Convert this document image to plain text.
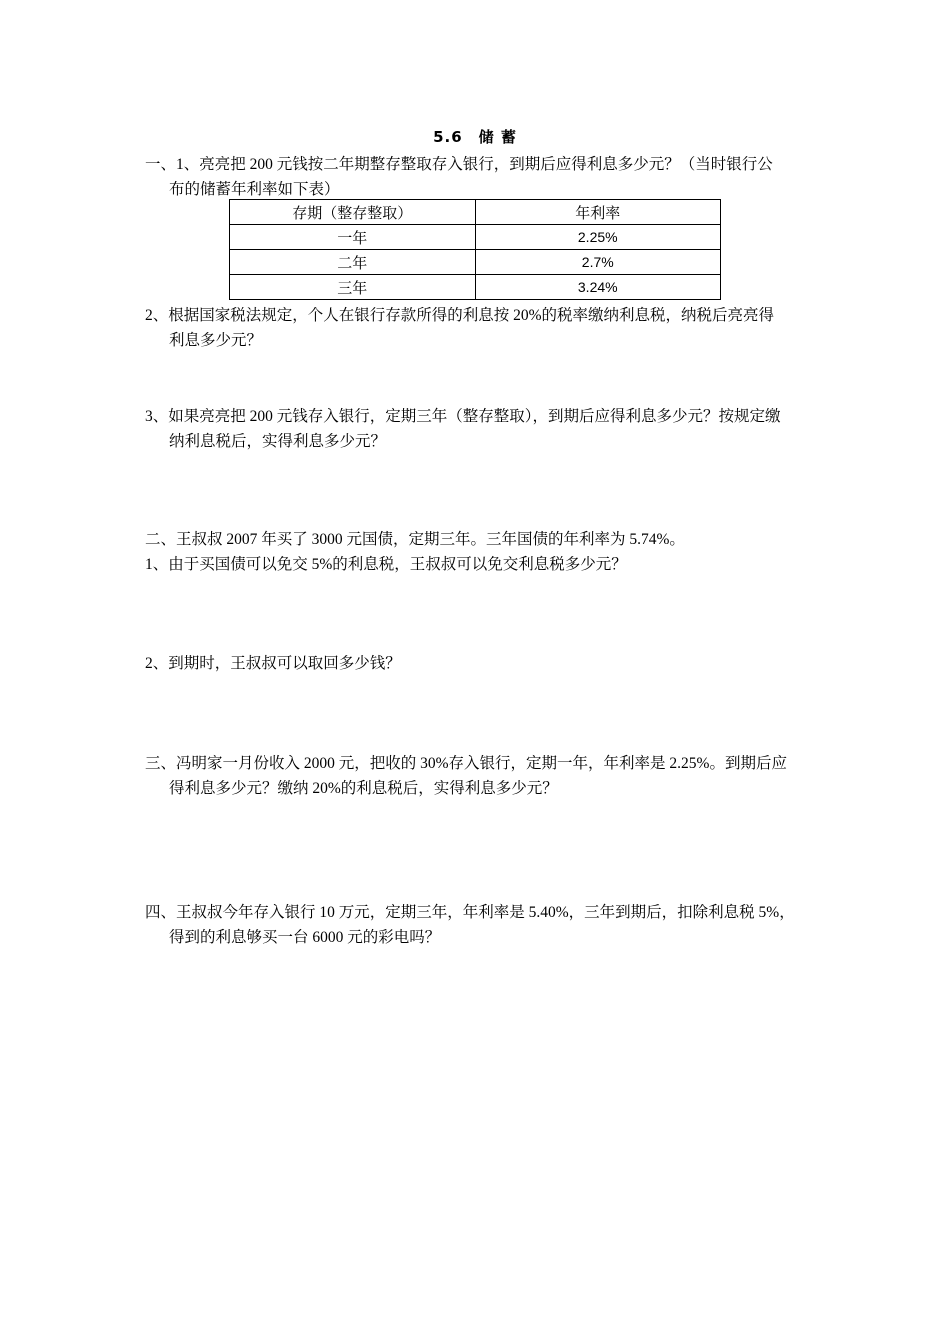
5.6　储 蓄
一、1、亮亮把 200 元钱按二年期整存整取存入银行，到期后应得利息多少元？（当时银行公
布的储蓄年利率如下表）
存期（整存整取）	年利率
一年	2.25%
二年	2.7%
三年	3.24%
2、根据国家税法规定，个人在银行存款所得的利息按 20%的税率缴纳利息税，纳税后亮亮得
利息多少元？
3、如果亮亮把 200 元钱存入银行，定期三年（整存整取），到期后应得利息多少元？按规定缴
纳利息税后，实得利息多少元？
二、王叔叔 2007 年买了 3000 元国债，定期三年。三年国债的年利率为 5.74%。
1、由于买国债可以免交 5%的利息税，王叔叔可以免交利息税多少元？
2、到期时，王叔叔可以取回多少钱？
三、冯明家一月份收入 2000 元，把收的 30%存入银行，定期一年，年利率是 2.25%。到期后应
得利息多少元？缴纳 20%的利息税后，实得利息多少元？
四、王叔叔今年存入银行 10 万元，定期三年，年利率是 5.40%，三年到期后，扣除利息税 5%，
得到的利息够买一台 6000 元的彩电吗？
